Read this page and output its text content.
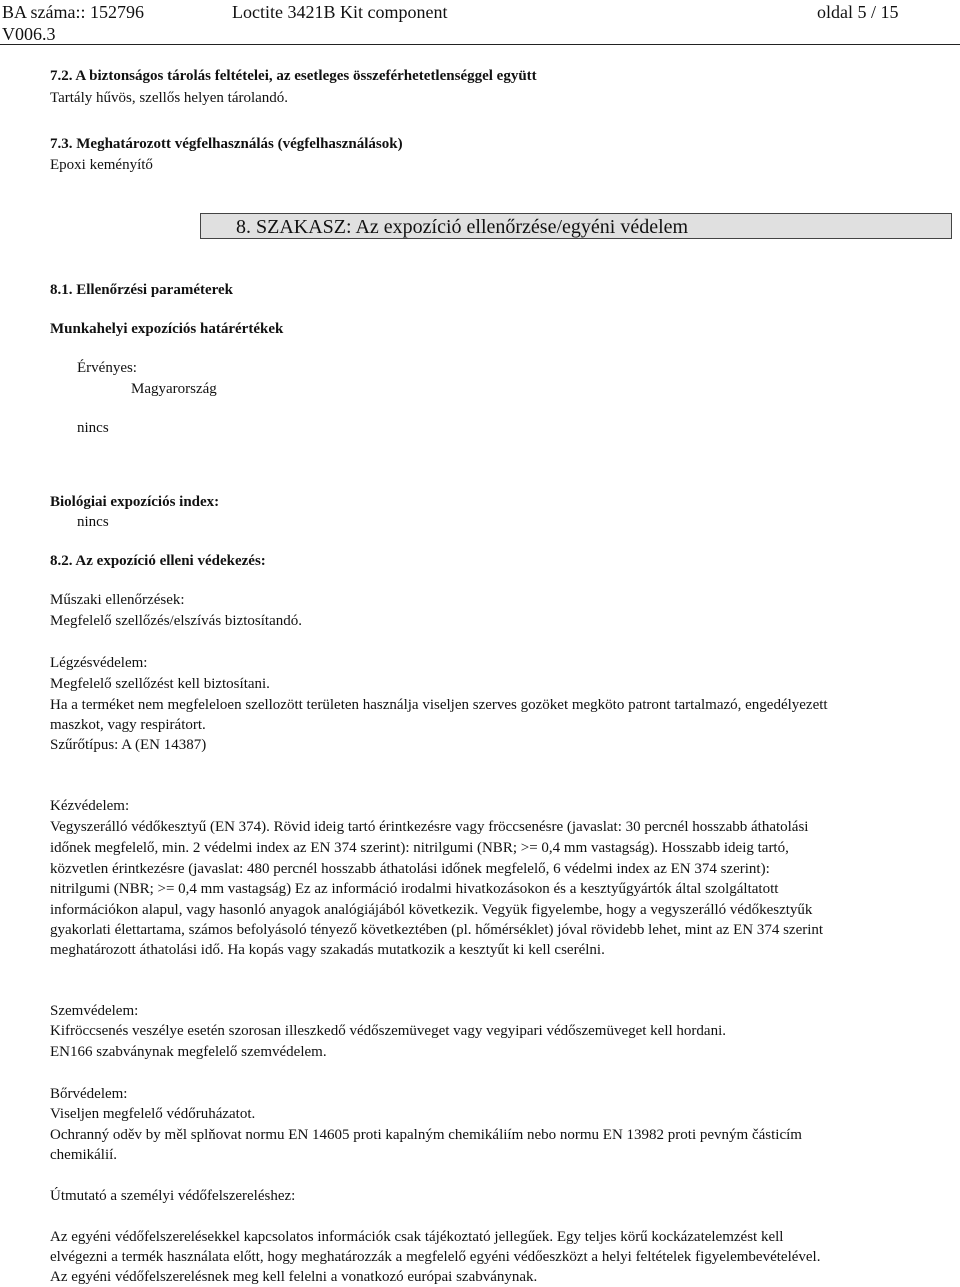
BA száma:: 152796
V006.3
Loctite 3421B Kit component	oldal 5 / 15
7.2. A biztonságos tárolás feltételei, az esetleges összeférhetetlenséggel együtt
Tartály hűvös, szellős helyen tárolandó.
7.3. Meghatározott végfelhasználás (végfelhasználások)
Epoxi keményítő
8. SZAKASZ: Az expozíció ellenőrzése/egyéni védelem
8.1. Ellenőrzési paraméterek
Munkahelyi expozíciós határértékek
Érvényes:
Magyarország
nincs
Biológiai expozíciós index:
nincs
8.2. Az expozíció elleni védekezés:
Műszaki ellenőrzések:
Megfelelő szellőzés/elszívás biztosítandó.
Légzésvédelem:
Megfelelő szellőzést kell biztosítani.
Ha a terméket nem megfeleloen szellozött területen használja viseljen szerves gozöket megköto patront tartalmazó, engedélyezett
maszkot, vagy respirátort.
Szűrőtípus: A (EN 14387)
Kézvédelem:
Vegyszerálló védőkesztyű (EN 374). Rövid ideig tartó érintkezésre vagy fröccsenésre (javaslat: 30 percnél hosszabb áthatolási
időnek megfelelő, min. 2 védelmi index az EN 374 szerint): nitrilgumi (NBR; >= 0,4 mm vastagság). Hosszabb ideig tartó,
közvetlen érintkezésre (javaslat: 480 percnél hosszabb áthatolási időnek megfelelő, 6 védelmi index az EN 374 szerint):
nitrilgumi (NBR; >= 0,4 mm vastagság) Ez az információ irodalmi hivatkozásokon és a kesztyűgyártók által szolgáltatott
információkon alapul, vagy hasonló anyagok analógiájából következik. Vegyük figyelembe, hogy a vegyszerálló védőkesztyűk
gyakorlati élettartama, számos befolyásoló tényező következtében (pl. hőmérséklet) jóval rövidebb lehet, mint az EN 374 szerint
meghatározott áthatolási idő. Ha kopás vagy szakadás mutatkozik a kesztyűt ki kell cserélni.
Szemvédelem:
Kifröccsenés veszélye esetén szorosan illeszkedő védőszemüveget vagy vegyipari védőszemüveget kell hordani.
EN166 szabványnak megfelelő szemvédelem.
Bőrvédelem:
Viseljen megfelelő védőruházatot.
Ochranný oděv by měl splňovat normu EN 14605 proti kapalným chemikáliím nebo normu EN 13982 proti pevným částicím
chemikálií.
Útmutató a személyi védőfelszereléshez:
Az egyéni védőfelszerelésekkel kapcsolatos információk csak tájékoztató jellegűek. Egy teljes körű kockázatelemzést kell
elvégezni a termék használata előtt, hogy meghatározzák a megfelelő egyéni védőeszközt a helyi feltételek figyelembevételével.
Az egyéni védőfelszerelésnek meg kell felelni a vonatkozó európai szabványnak.
